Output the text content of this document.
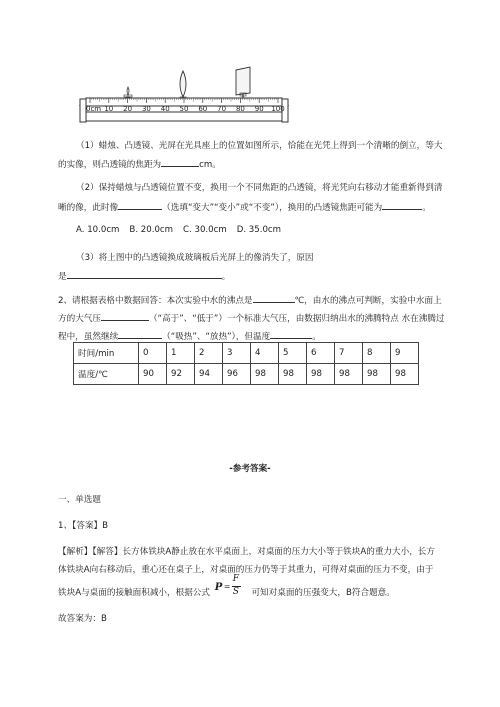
0cm 10 20 30 40 50 60 70 80 90 100
（1）蜡烛、凸透镜、光屏在光具座上的位置如图所示，恰能在光凭上得到一个清晰的倒立，等大
的实像，则凸透镜的焦距为	cm。
（2）保持蜡烛与凸透镜位置不变，换用一个不同焦距的凸透镜，将光凭向右移动才能重新得到清
晰的像，此时像	（选填“变大”“变小”或“不变”），换用的凸透镜焦距可能为	。
A. 10.0cm B. 20.0cm C. 30.0cm D. 35.0cm
（3）将上图中的凸透镜换成玻璃板后光屏上的像消失了，原因
是	。
2、请根据表格中数据回答：本次实验中水的沸点是	℃，由水的沸点可判断，实验中水面上
方的大气压	（“高于”、“低于”）一个标准大气压，由数据归纳出水的沸腾特点 水在沸腾过
程中，虽然继续	（“吸热”、“放热”），但温度	。
时间/min	0	1	2	3	4	5	6	7	8	9
温度/℃	90	92	94	96	98	98	98	98	98	98
-参考答案-
一、单选题
1、【答案】B
【解析】【解答】长方体铁块A静止放在水平桌面上，对桌面的压力大小等于铁块A的重力大小，长方
体铁块A向右移动后，重心还在桌子上，对桌面的压力仍等于其重力，可得对桌面的压力不变，由于
铁块A与桌面的接触面积减小，根据公式 P =
F
S 可知对桌面的压强变大，B符合题意。
故答案为：B
